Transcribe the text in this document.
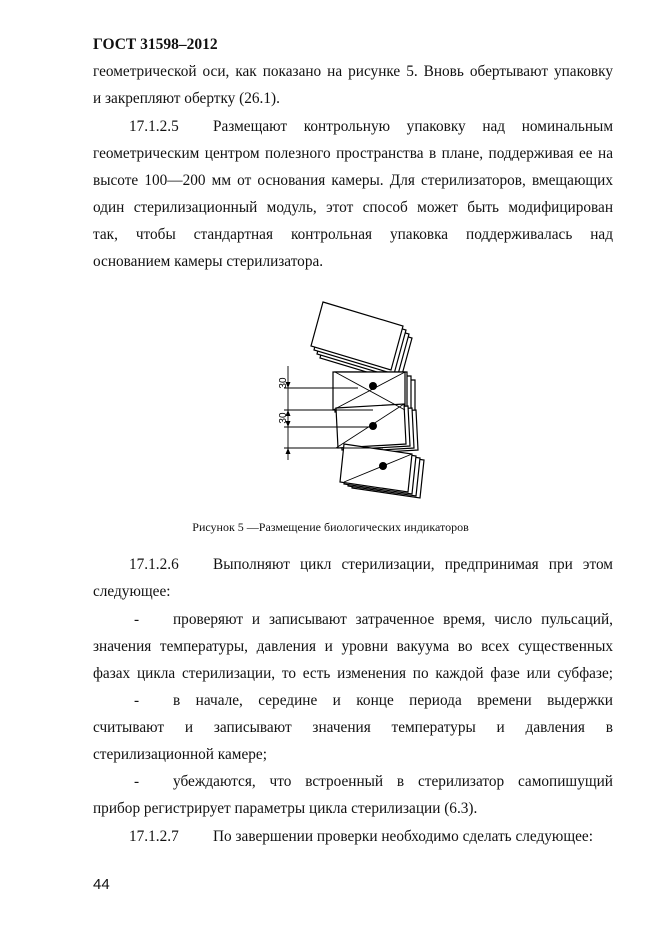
ГОСТ 31598–2012
геометрической оси, как показано на рисунке 5. Вновь обертывают упаковку
и закрепляют обертку (26.1).
17.1.2.5 Размещают контрольную упаковку над номинальным
геометрическим центром полезного пространства в плане, поддерживая ее на
высоте 100—200 мм от основания камеры. Для стерилизаторов, вмещающих
один стерилизационный модуль, этот способ может быть модифицирован
так, чтобы стандартная контрольная упаковка поддерживалась над
основанием камеры стерилизатора.
30
30
Рисунок 5 —Размещение биологических индикаторов
17.1.2.6 Выполняют цикл стерилизации, предпринимая при этом
следующее:
- проверяют и записывают затраченное время, число пульсаций,
значения температуры, давления и уровни вакуума во всех существенных
фазах цикла стерилизации, то есть изменения по каждой фазе или субфазе;
- в начале, середине и конце периода времени выдержки
считывают и записывают значения температуры и давления в
стерилизационной камере;
- убеждаются, что встроенный в стерилизатор самопишущий
прибор регистрирует параметры цикла стерилизации (6.3).
17.1.2.7 По завершении проверки необходимо сделать следующее:
44
